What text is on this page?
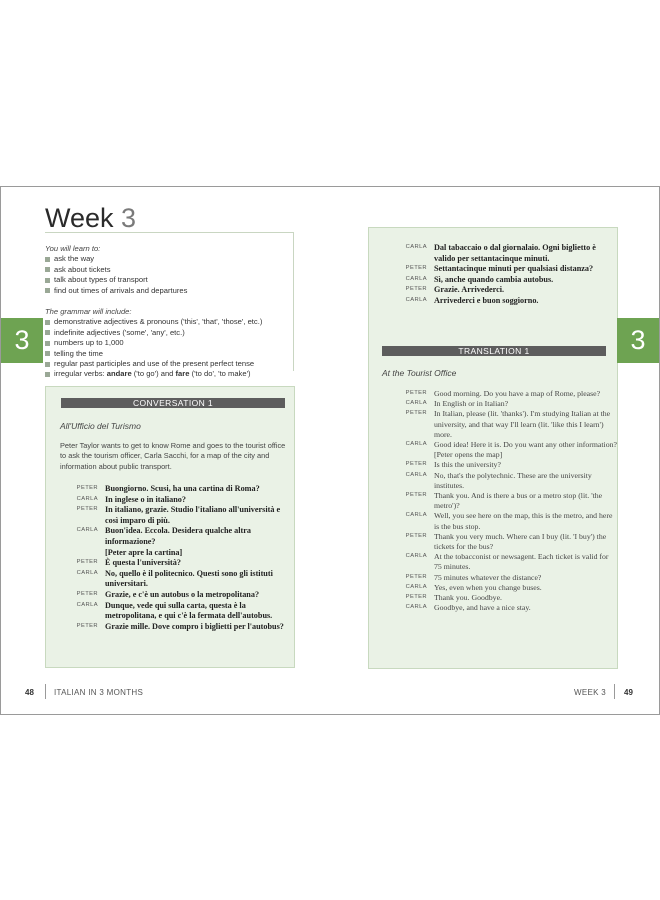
Week 3
You will learn to:
ask the way
ask about tickets
talk about types of transport
find out times of arrivals and departures
The grammar will include:
demonstrative adjectives & pronouns ('this', 'that', 'those', etc.)
indefinite adjectives ('some', 'any', etc.)
numbers up to 1,000
telling the time
regular past participles and use of the present perfect tense
irregular verbs: andare ('to go') and fare ('to do', 'to make')
3
CONVERSATION 1
All'Ufficio del Turismo
Peter Taylor wants to get to know Rome and goes to the tourist office to ask the tourism officer, Carla Sacchi, for a map of the city and information about public transport.
PETER Buongiorno. Scusi, ha una cartina di Roma?
CARLA In inglese o in italiano?
PETER In italiano, grazie. Studio l'italiano all'università e così imparo di più.
CARLA Buon'idea. Eccola. Desidera qualche altra informazione?
[Peter apre la cartina]
PETER È questa l'università?
CARLA No, quello è il politecnico. Questi sono gli istituti universitari.
PETER Grazie, e c'è un autobus o la metropolitana?
CARLA Dunque, vede qui sulla carta, questa è la metropolitana, e qui c'è la fermata dell'autobus.
PETER Grazie mille. Dove compro i biglietti per l'autobus?
48	ITALIAN IN 3 MONTHS
CARLA Dal tabaccaio o dal giornalaio. Ogni biglietto è valido per settantacinque minuti.
PETER Settantacinque minuti per qualsiasi distanza?
CARLA Sì, anche quando cambia autobus.
PETER Grazie. Arrivederci.
CARLA Arrivederci e buon soggiorno.
TRANSLATION 1
At the Tourist Office
PETER Good morning. Do you have a map of Rome, please?
CARLA In English or in Italian?
PETER In Italian, please (lit. 'thanks'). I'm studying Italian at the university, and that way I'll learn (lit. 'like this I learn') more.
CARLA Good idea! Here it is. Do you want any other information? [Peter opens the map]
PETER Is this the university?
CARLA No, that's the polytechnic. These are the university institutes.
PETER Thank you. And is there a bus or a metro stop (lit. 'the metro')?
CARLA Well, you see here on the map, this is the metro, and here is the bus stop.
PETER Thank you very much. Where can I buy (lit. 'I buy') the tickets for the bus?
CARLA At the tobacconist or newsagent. Each ticket is valid for 75 minutes.
PETER 75 minutes whatever the distance?
CARLA Yes, even when you change buses.
PETER Thank you. Goodbye.
CARLA Goodbye, and have a nice stay.
3
WEEK 3 49
